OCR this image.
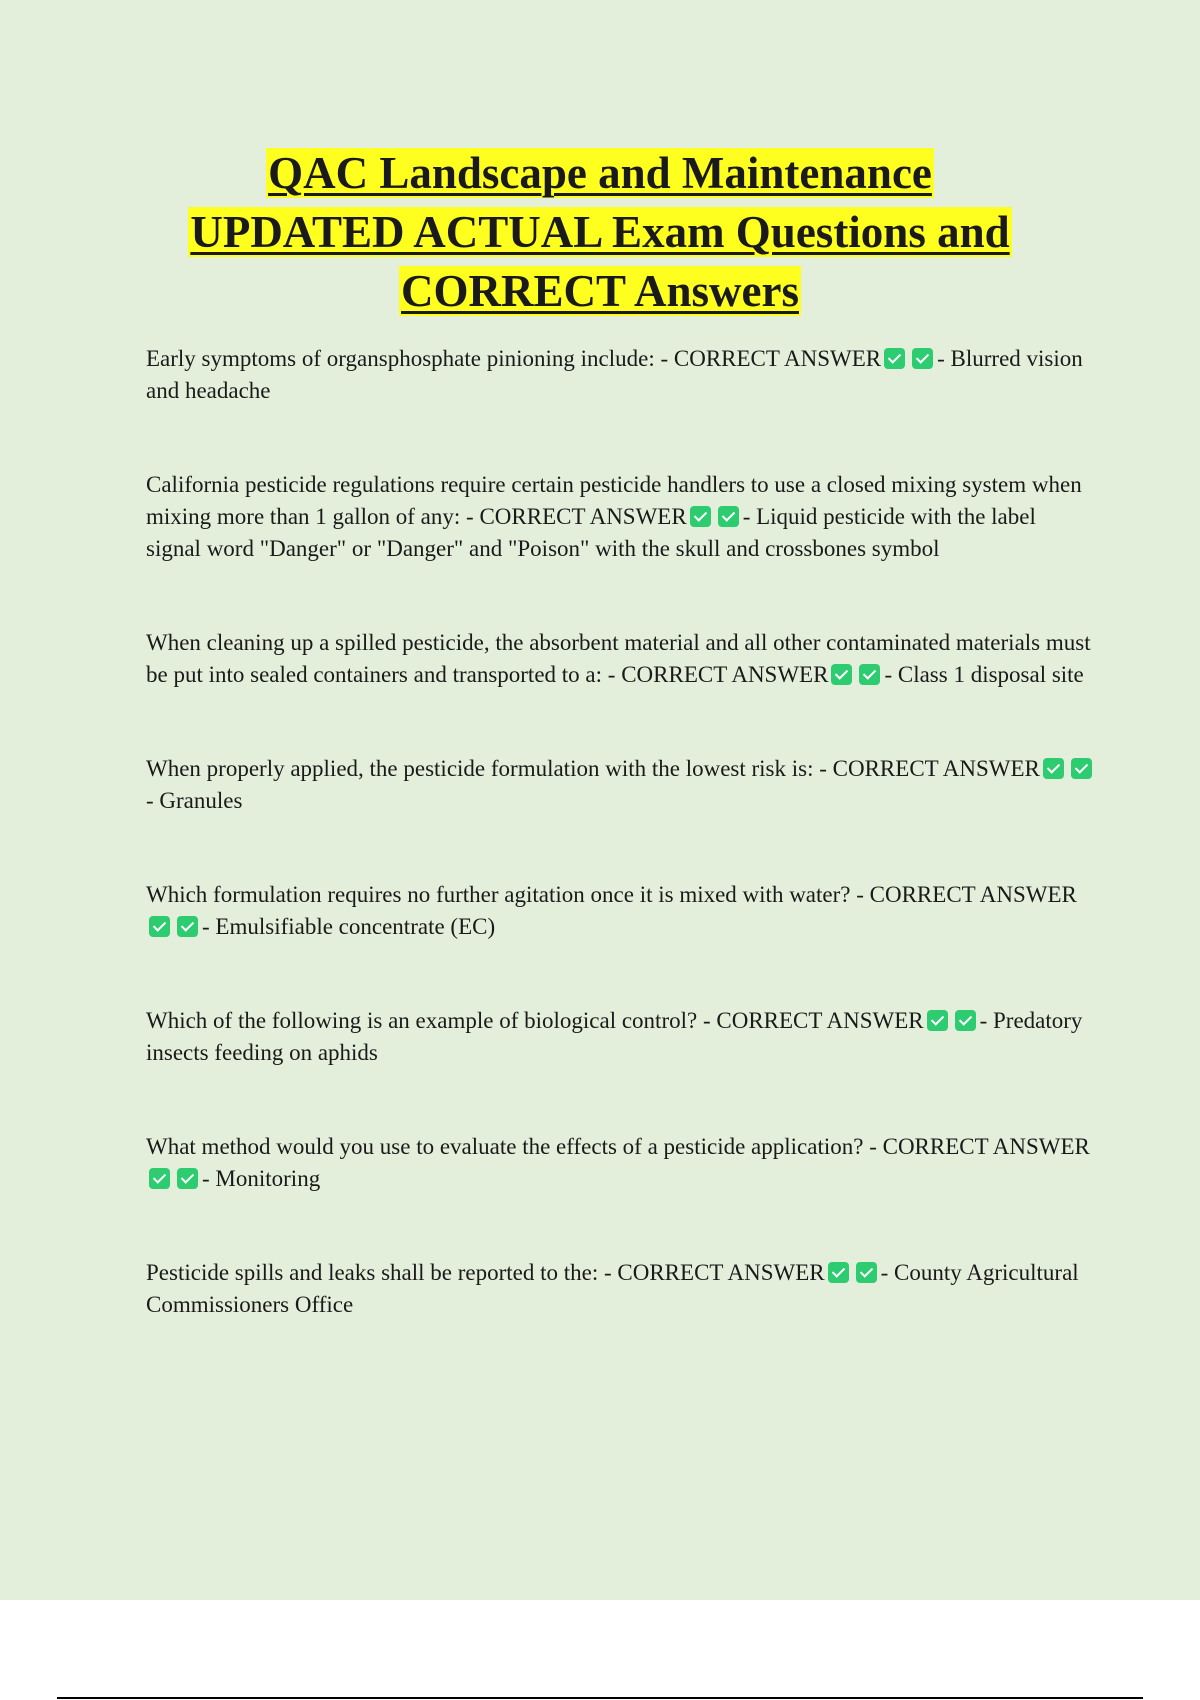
QAC Landscape and Maintenance
UPDATED ACTUAL Exam Questions and
CORRECT Answers

Early symptoms of organsphosphate pinioning include: - CORRECT ANSWER - Blurred vision and headache

California pesticide regulations require certain pesticide handlers to use a closed mixing system when mixing more than 1 gallon of any: - CORRECT ANSWER - Liquid pesticide with the label signal word "Danger" or "Danger" and "Poison" with the skull and crossbones symbol

When cleaning up a spilled pesticide, the absorbent material and all other contaminated materials must be put into sealed containers and transported to a: - CORRECT ANSWER - Class 1 disposal site

When properly applied, the pesticide formulation with the lowest risk is: - CORRECT ANSWER- Granules

Which formulation requires no further agitation once it is mixed with water? - CORRECT ANSWER- Emulsifiable concentrate (EC)

Which of the following is an example of biological control? - CORRECT ANSWER - Predatory insects feeding on aphids

What method would you use to evaluate the effects of a pesticide application? - CORRECT ANSWER- Monitoring

Pesticide spills and leaks shall be reported to the: - CORRECT ANSWER - County Agricultural Commissioners Office
